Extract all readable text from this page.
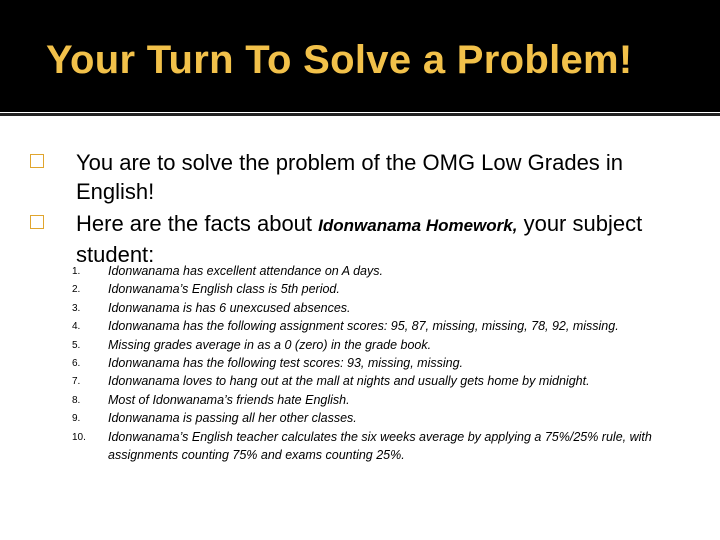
Your Turn To Solve a Problem!

You are to solve the problem of the OMG Low Grades in English!

Here are the facts about Idonwanama Homework, your subject student:

1. Idonwanama has excellent attendance on A days.
2. Idonwanama’s English class is 5th period.
3. Idonwanama is has 6 unexcused absences.
4. Idonwanama has the following assignment scores: 95, 87, missing, missing, 78, 92, missing.
5. Missing grades average in as a 0 (zero) in the grade book.
6. Idonwanama has the following test scores: 93, missing, missing.
7. Idonwanama loves to hang out at the mall at nights and usually gets home by midnight.
8. Most of Idonwanama’s friends hate English.
9. Idonwanama is passing all her other classes.
10. Idonwanama’s English teacher calculates the six weeks average by applying a 75%/25% rule, with assignments counting 75% and exams counting 25%.
